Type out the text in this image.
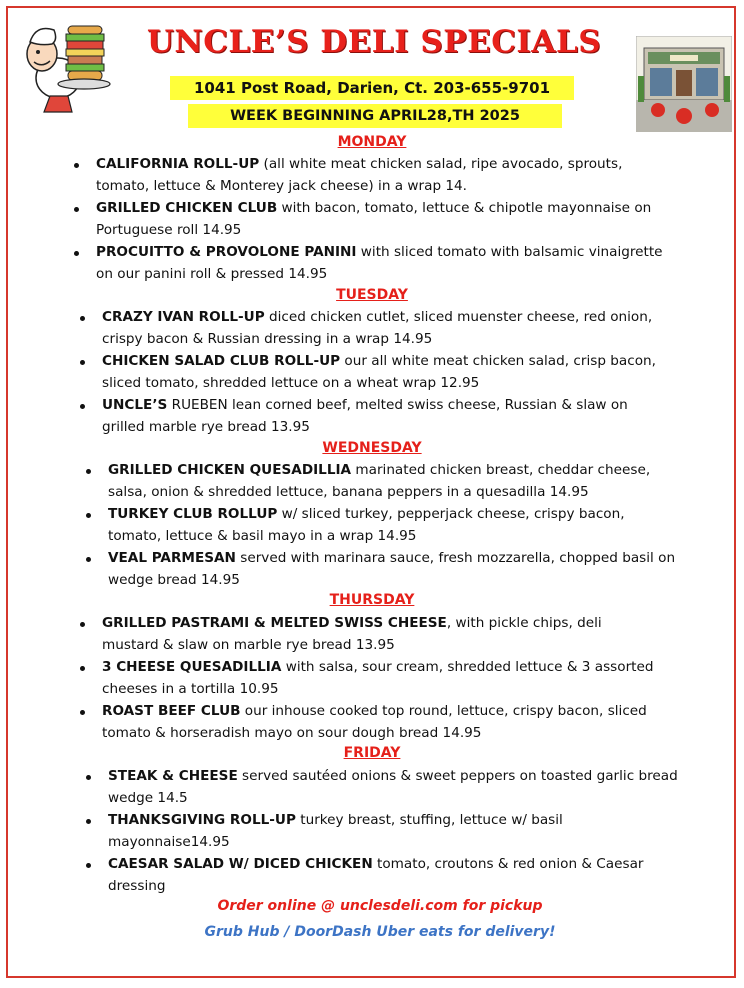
UNCLE’S DELI SPECIALS
1041 Post Road, Darien, Ct. 203-655-9701
WEEK BEGINNING APRIL28,TH 2025
MONDAY
CALIFORNIA ROLL-UP (all white meat chicken salad, ripe avocado, sprouts, tomato, lettuce & Monterey jack cheese) in a wrap 14.
GRILLED CHICKEN CLUB with bacon, tomato, lettuce & chipotle mayonnaise on Portuguese roll 14.95
PROCUITTO & PROVOLONE PANINI with sliced tomato with balsamic vinaigrette on our panini roll & pressed 14.95
TUESDAY
CRAZY IVAN ROLL-UP diced chicken cutlet, sliced muenster cheese, red onion, crispy bacon & Russian dressing in a wrap 14.95
CHICKEN SALAD CLUB ROLL-UP our all white meat chicken salad, crisp bacon, sliced tomato, shredded lettuce on a wheat wrap 12.95
UNCLE’S RUEBEN lean corned beef, melted swiss cheese, Russian & slaw on grilled marble rye bread 13.95
WEDNESDAY
GRILLED CHICKEN QUESADILLIA marinated chicken breast, cheddar cheese, salsa, onion & shredded lettuce, banana peppers in a quesadilla 14.95
TURKEY CLUB ROLLUP w/ sliced turkey, pepperjack cheese, crispy bacon, tomato, lettuce & basil mayo in a wrap 14.95
VEAL PARMESAN served with marinara sauce, fresh mozzarella, chopped basil on wedge bread 14.95
THURSDAY
GRILLED PASTRAMI & MELTED SWISS CHEESE, with pickle chips, deli mustard & slaw on marble rye bread 13.95
3 CHEESE QUESADILLIA with salsa, sour cream, shredded lettuce & 3 assorted cheeses in a tortilla 10.95
ROAST BEEF CLUB our inhouse cooked top round, lettuce, crispy bacon, sliced tomato & horseradish mayo on sour dough bread 14.95
FRIDAY
STEAK & CHEESE served sautéed onions & sweet peppers on toasted garlic bread wedge 14.5
THANKSGIVING ROLL-UP turkey breast, stuffing, lettuce w/ basil mayonnaise14.95
CAESAR SALAD W/ DICED CHICKEN tomato, croutons & red onion & Caesar dressing
Order online @ unclesdeli.com for pickup
Grub Hub / DoorDash Uber eats for delivery!
